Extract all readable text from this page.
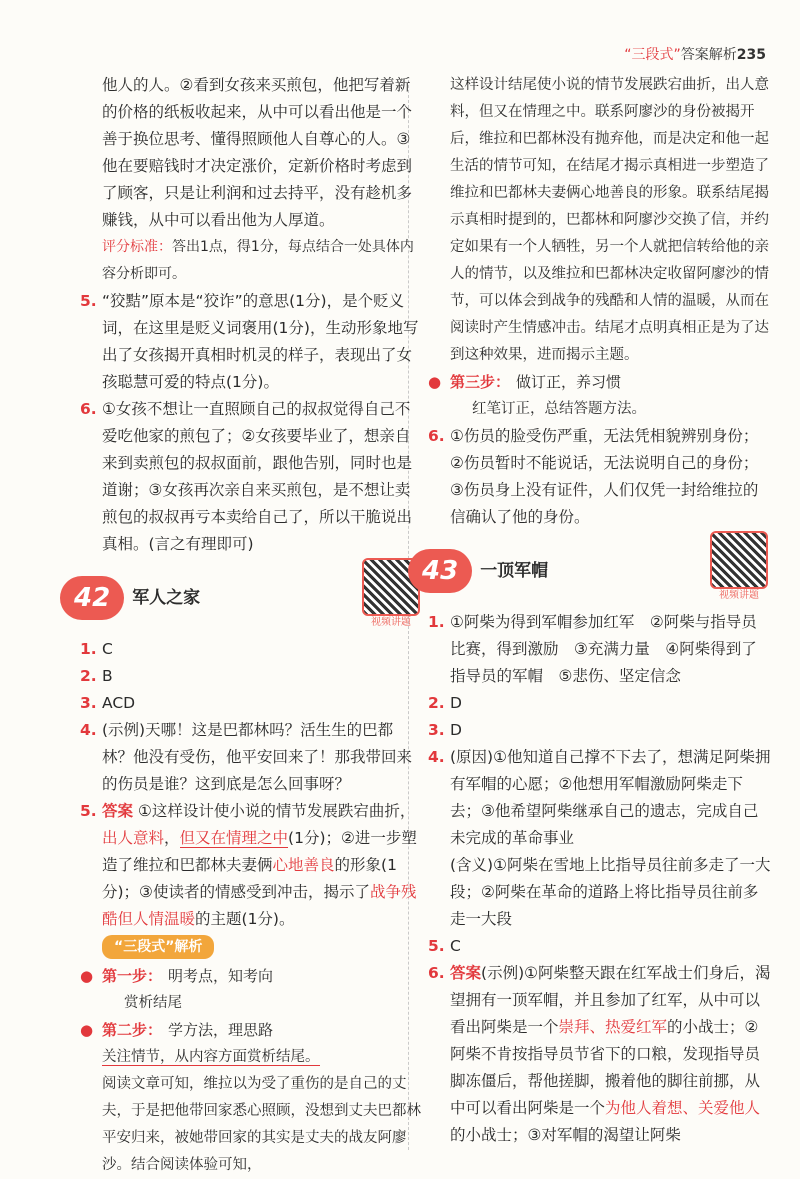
“三段式”答案解析235

他人的人。②看到女孩来买煎包，他把写着新的价格的纸板收起来，从中可以看出他是一个善于换位思考、懂得照顾他人自尊心的人。③他在要赔钱时才决定涨价，定新价格时考虑到了顾客，只是让利润和过去持平，没有趁机多赚钱，从中可以看出他为人厚道。

评分标准：答出1点，得1分，每点结合一处具体内容分析即可。

5. “狡黠”原本是“狡诈”的意思(1分)，是个贬义词，在这里是贬义词褒用(1分)，生动形象地写出了女孩揭开真相时机灵的样子，表现出了女孩聪慧可爱的特点(1分)。
6. ①女孩不想让一直照顾自己的叔叔觉得自己不爱吃他家的煎包了；②女孩要毕业了，想亲自来到卖煎包的叔叔面前，跟他告别，同时也是道谢；③女孩再次亲自来买煎包，是不想让卖煎包的叔叔再亏本卖给自己了，所以干脆说出真相。(言之有理即可)
42	军人之家
视频讲题
1. C
2. B
3. ACD
4. (示例)天哪！这是巴都林吗？活生生的巴都林？他没有受伤，他平安回来了！那我带回来的伤员是谁？这到底是怎么回事呀？
5. 答案 ①这样设计使小说的情节发展跌宕曲折，出人意料，但又在情理之中(1分)；②进一步塑造了维拉和巴都林夫妻俩心地善良的形象(1分)；③使读者的情感受到冲击，揭示了战争残酷但人情温暖的主题(1分)。
“三段式”解析
● 第一步： 明考点，知考向

赏析结尾

● 第二步： 学方法，理思路

关注情节，从内容方面赏析结尾。

阅读文章可知，维拉以为受了重伤的是自己的丈夫，于是把他带回家悉心照顾，没想到丈夫巴都林平安归来，被她带回家的其实是丈夫的战友阿廖沙。结合阅读体验可知，

这样设计结尾使小说的情节发展跌宕曲折，出人意料，但又在情理之中。联系阿廖沙的身份被揭开后，维拉和巴都林没有抛弃他，而是决定和他一起生活的情节可知，在结尾才揭示真相进一步塑造了维拉和巴都林夫妻俩心地善良的形象。联系结尾揭示真相时提到的，巴都林和阿廖沙交换了信，并约定如果有一个人牺牲，另一个人就把信转给他的亲人的情节，以及维拉和巴都林决定收留阿廖沙的情节，可以体会到战争的残酷和人情的温暖，从而在阅读时产生情感冲击。结尾才点明真相正是为了达到这种效果，进而揭示主题。

● 第三步： 做订正，养习惯

红笔订正，总结答题方法。

6. ①伤员的脸受伤严重，无法凭相貌辨别身份；②伤员暂时不能说话，无法说明自己的身份；③伤员身上没有证件，人们仅凭一封给维拉的信确认了他的身份。
43	一顶军帽
视频讲题
1. ①阿柴为得到军帽参加红军　②阿柴与指导员比赛，得到激励　③充满力量　④阿柴得到了指导员的军帽　⑤悲伤、坚定信念
2. D
3. D
4. (原因)①他知道自己撑不下去了，想满足阿柴拥有军帽的心愿；②他想用军帽激励阿柴走下去；③他希望阿柴继承自己的遗志，完成自己未完成的革命事业
(含义)①阿柴在雪地上比指导员往前多走了一大段；②阿柴在革命的道路上将比指导员往前多走一大段
5. C
6. 答案(示例)①阿柴整天跟在红军战士们身后，渴望拥有一顶军帽，并且参加了红军，从中可以看出阿柴是一个崇拜、热爱红军的小战士；②阿柴不肯按指导员节省下的口粮，发现指导员脚冻僵后，帮他搓脚，搬着他的脚往前挪，从中可以看出阿柴是一个为他人着想、关爱他人的小战士；③对军帽的渴望让阿柴
